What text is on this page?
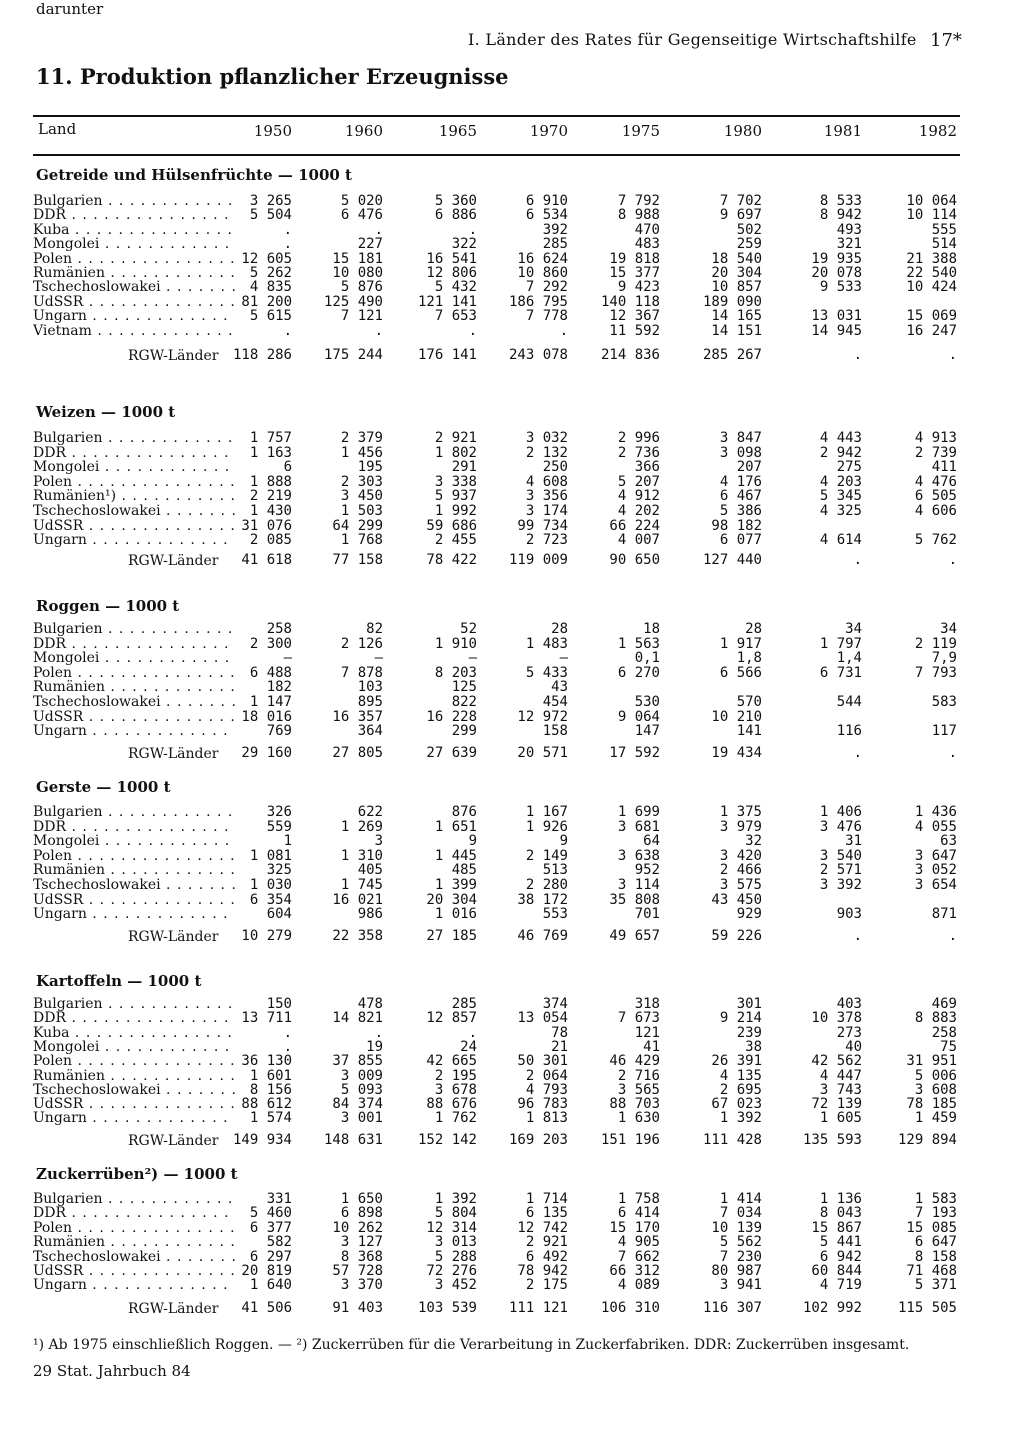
I. Länder des Rates für Gegenseitige Wirtschaftshilfe 17*
11. Produktion pflanzlicher Erzeugnisse
Land	1950	1960	1965	1970	1975	1980	1981	1982
Getreide und Hülsenfrüchte — 1000 t
Bulgarien . . .	3 265	5 020	5 360	6 910	7 792	7 702	8 533	10 064
DDR . . .	5 504	6 476	6 886	6 534	8 988	9 697	8 942	10 114
Kuba . . .	.	.	.	392	470	502	493	555
Mongolei . . .	.	227	322	285	483	259	321	514
Polen . . .	12 605	15 181	16 541	16 624	19 818	18 540	19 935	21 388
Rumänien . . .	5 262	10 080	12 806	10 860	15 377	20 304	20 078	22 540
Tschechoslowakei . . .	4 835	5 876	5 432	7 292	9 423	10 857	9 533	10 424
UdSSR . . .	81 200	125 490	121 141	186 795	140 118	189 090
Ungarn . . .	5 615	7 121	7 653	7 778	12 367	14 165	13 031	15 069
Vietnam . . .	.	.	.	.	11 592	14 151	14 945	16 247
RGW-Länder	118 286	175 244	176 141	243 078	214 836	285 267	.	.
darunter
Weizen — 1000 t
Bulgarien . . .	1 757	2 379	2 921	3 032	2 996	3 847	4 443	4 913
DDR . . .	1 163	1 456	1 802	2 132	2 736	3 098	2 942	2 739
Mongolei . . .	6	195	291	250	366	207	275	411
Polen . . .	1 888	2 303	3 338	4 608	5 207	4 176	4 203	4 476
Rumänien¹) . . .	2 219	3 450	5 937	3 356	4 912	6 467	5 345	6 505
Tschechoslowakei . . .	1 430	1 503	1 992	3 174	4 202	5 386	4 325	4 606
UdSSR . . .	31 076	64 299	59 686	99 734	66 224	98 182
Ungarn . . .	2 085	1 768	2 455	2 723	4 007	6 077	4 614	5 762
RGW-Länder	41 618	77 158	78 422	119 009	90 650	127 440	.	.
Roggen — 1000 t
Bulgarien . . .	258	82	52	28	18	28	34	34
DDR . . .	2 300	2 126	1 910	1 483	1 563	1 917	1 797	2 119
Mongolei . . .	—	—	—	—	0,1	1,8	1,4	7,9
Polen . . .	6 488	7 878	8 203	5 433	6 270	6 566	6 731	7 793
Rumänien . . .	182	103	125	43
Tschechoslowakei . . .	1 147	895	822	454	530	570	544	583
UdSSR . . .	18 016	16 357	16 228	12 972	9 064	10 210
Ungarn . . .	769	364	299	158	147	141	116	117
RGW-Länder	29 160	27 805	27 639	20 571	17 592	19 434	.	.
Gerste — 1000 t
Bulgarien . . .	326	622	876	1 167	1 699	1 375	1 406	1 436
DDR . . .	559	1 269	1 651	1 926	3 681	3 979	3 476	4 055
Mongolei . . .	1	3	9	9	64	32	31	63
Polen . . .	1 081	1 310	1 445	2 149	3 638	3 420	3 540	3 647
Rumänien . . .	325	405	485	513	952	2 466	2 571	3 052
Tschechoslowakei . . .	1 030	1 745	1 399	2 280	3 114	3 575	3 392	3 654
UdSSR . . .	6 354	16 021	20 304	38 172	35 808	43 450
Ungarn . . .	604	986	1 016	553	701	929	903	871
RGW-Länder	10 279	22 358	27 185	46 769	49 657	59 226	.	.
Kartoffeln — 1000 t
Bulgarien . . .	150	478	285	374	318	301	403	469
DDR . . .	13 711	14 821	12 857	13 054	7 673	9 214	10 378	8 883
Kuba . . .	.	.	.	78	121	239	273	258
Mongolei . . .	.	19	24	21	41	38	40	75
Polen . . .	36 130	37 855	42 665	50 301	46 429	26 391	42 562	31 951
Rumänien . . .	1 601	3 009	2 195	2 064	2 716	4 135	4 447	5 006
Tschechoslowakei . . .	8 156	5 093	3 678	4 793	3 565	2 695	3 743	3 608
UdSSR . . .	88 612	84 374	88 676	96 783	88 703	67 023	72 139	78 185
Ungarn . . .	1 574	3 001	1 762	1 813	1 630	1 392	1 605	1 459
RGW-Länder	149 934	148 631	152 142	169 203	151 196	111 428	135 593	129 894
Zuckerrüben²) — 1000 t
Bulgarien . . .	331	1 650	1 392	1 714	1 758	1 414	1 136	1 583
DDR . . .	5 460	6 898	5 804	6 135	6 414	7 034	8 043	7 193
Polen . . .	6 377	10 262	12 314	12 742	15 170	10 139	15 867	15 085
Rumänien . . .	582	3 127	3 013	2 921	4 905	5 562	5 441	6 647
Tschechoslowakei . . .	6 297	8 368	5 288	6 492	7 662	7 230	6 942	8 158
UdSSR . . .	20 819	57 728	72 276	78 942	66 312	80 987	60 844	71 468
Ungarn . . .	1 640	3 370	3 452	2 175	4 089	3 941	4 719	5 371
RGW-Länder	41 506	91 403	103 539	111 121	106 310	116 307	102 992	115 505
¹) Ab 1975 einschließlich Roggen. — ²) Zuckerrüben für die Verarbeitung in Zuckerfabriken. DDR: Zuckerrüben insgesamt.
29 Stat. Jahrbuch 84
